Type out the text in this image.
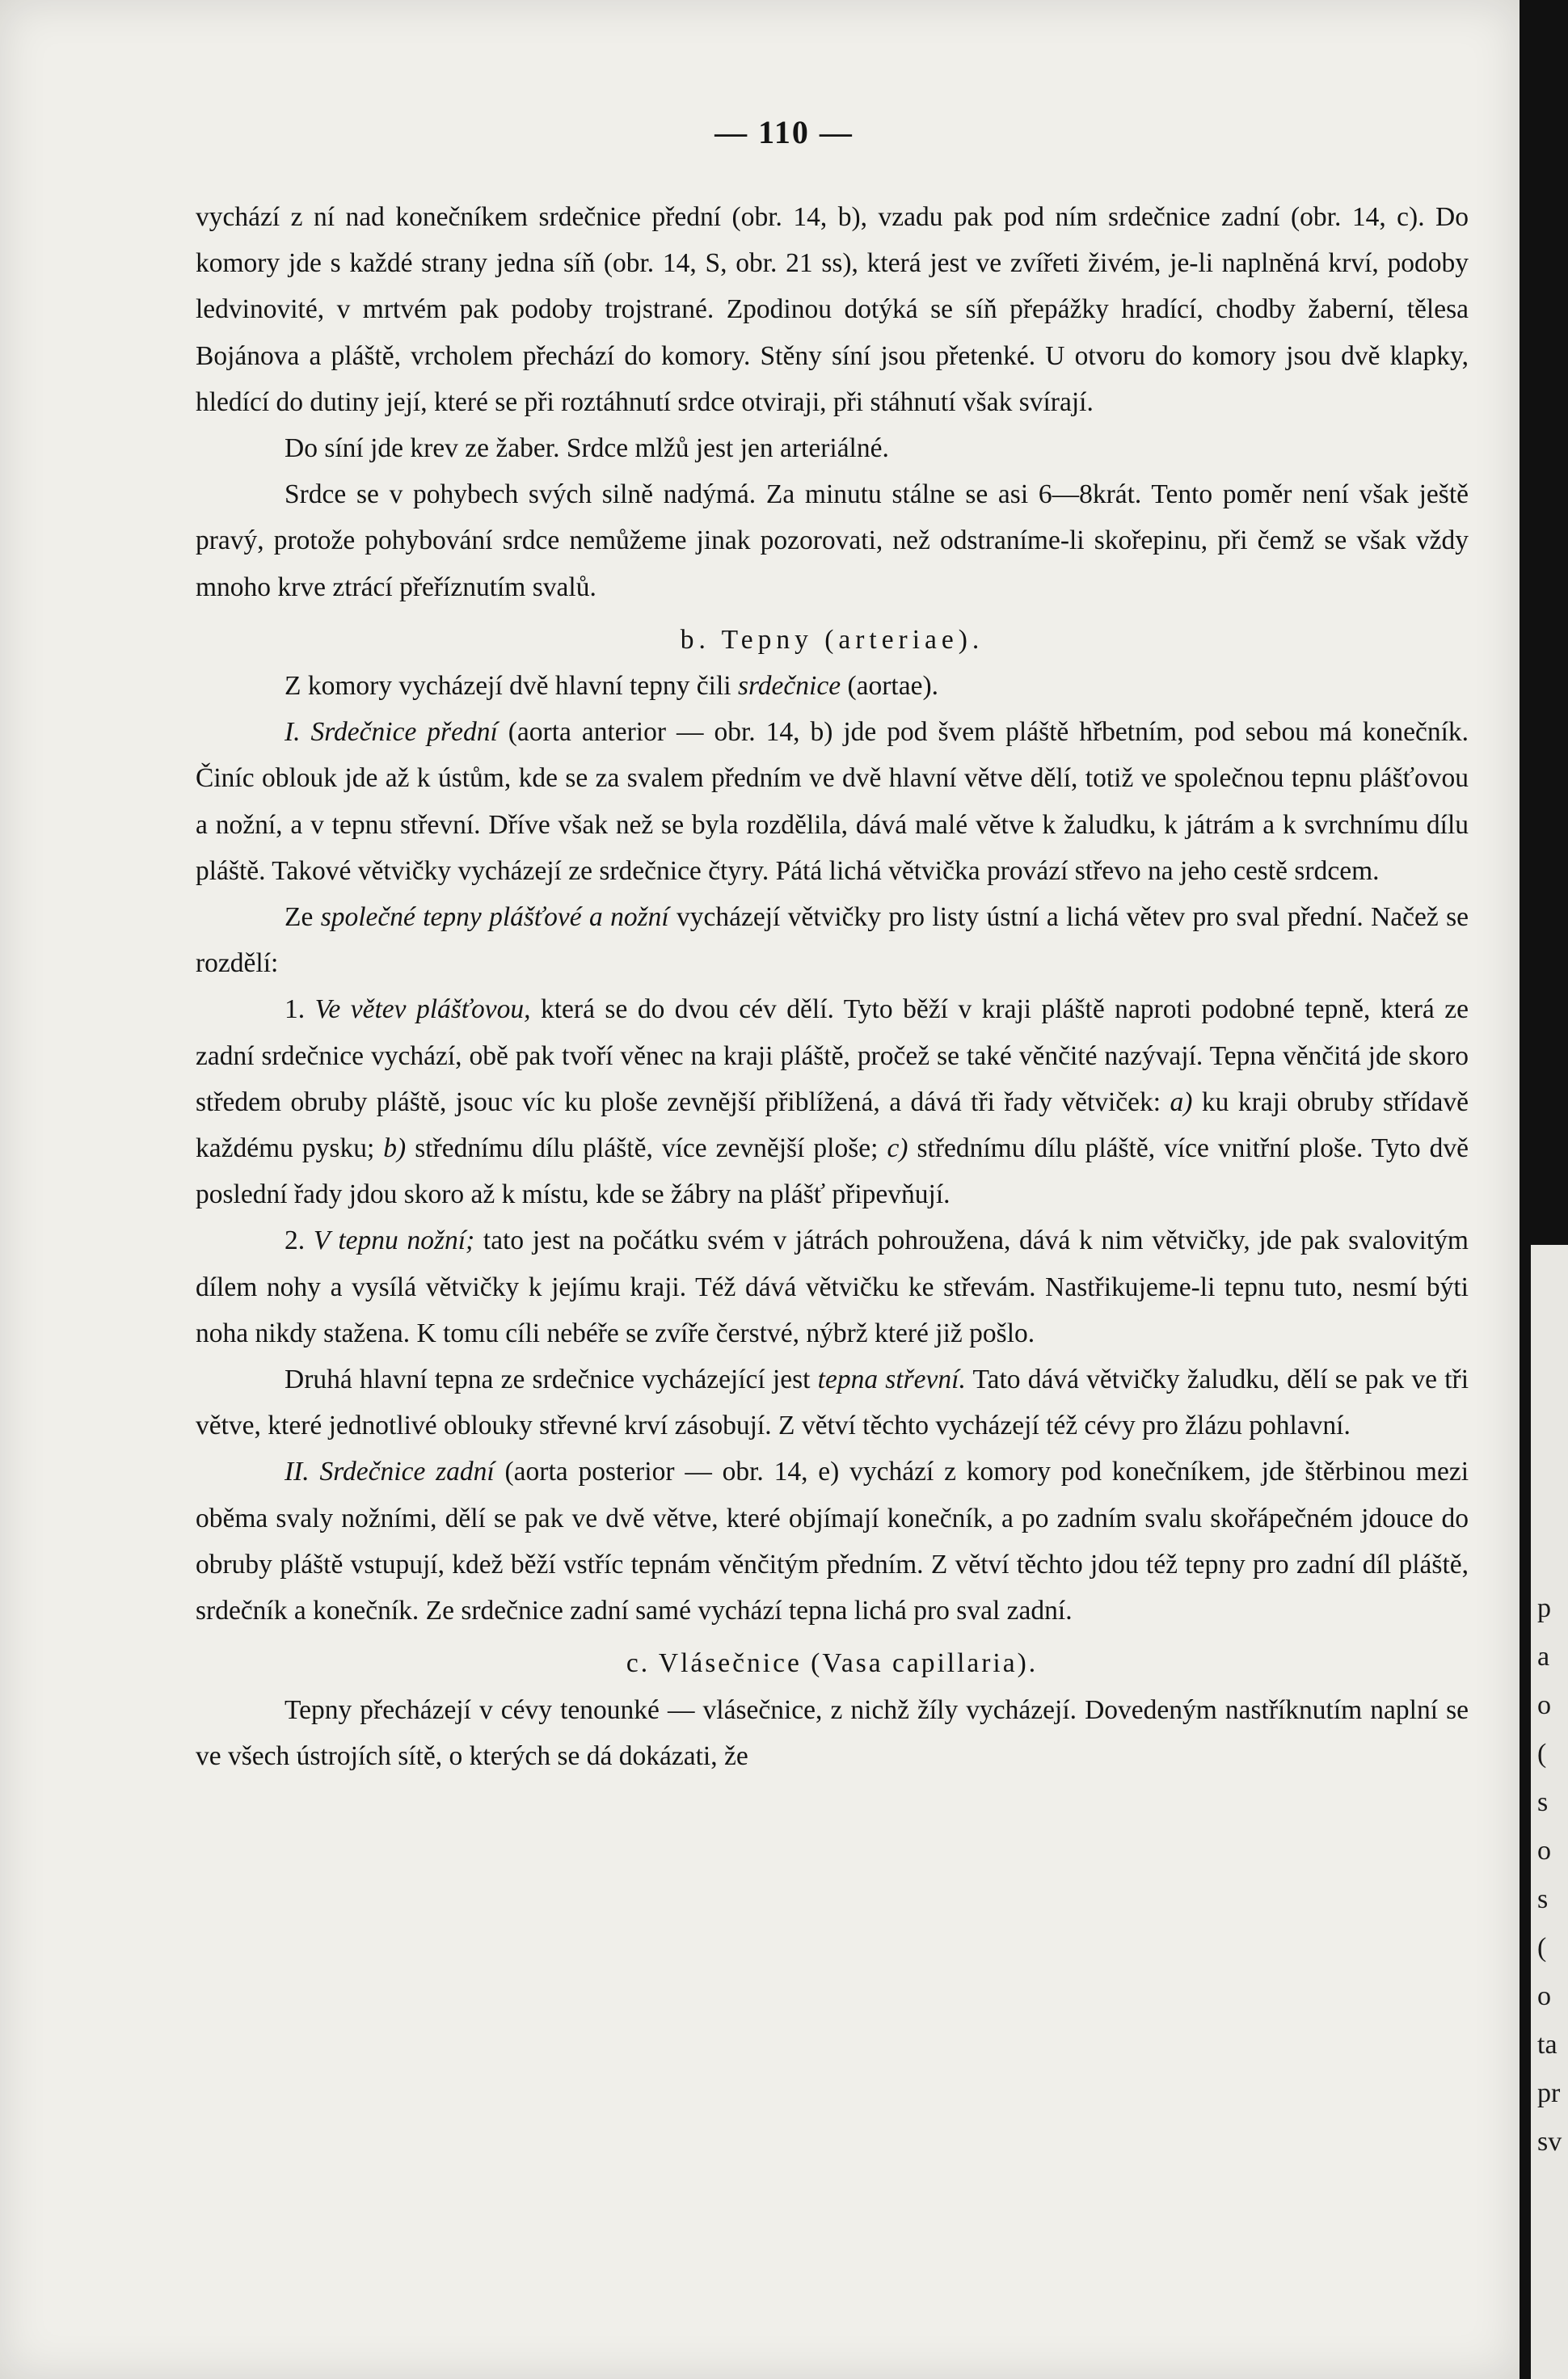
— 110 —

vychází z ní nad konečníkem srdečnice přední (obr. 14, b), vzadu pak pod ním srdečnice zadní (obr. 14, c). Do komory jde s každé strany jedna síň (obr. 14, S, obr. 21 ss), která jest ve zvířeti živém, je-li naplněná krví, podoby ledvinovité, v mrtvém pak podoby trojstrané. Zpodinou dotýká se síň přepážky hradící, chodby žaberní, tělesa Bojánova a pláště, vrcholem přechází do komory. Stěny síní jsou přetenké. U otvoru do komory jsou dvě klapky, hledící do dutiny její, které se při roztáhnutí srdce otviraji, při stáhnutí však svírají.

Do síní jde krev ze žaber. Srdce mlžů jest jen arteriálné.

Srdce se v pohybech svých silně nadýmá. Za minutu stálne se asi 6—8krát. Tento poměr není však ještě pravý, protože pohybování srdce nemůžeme jinak pozorovati, než odstraníme-li skořepinu, při čemž se však vždy mnoho krve ztrácí přeříznutím svalů.

b. Tepny (arteriae).

Z komory vycházejí dvě hlavní tepny čili srdečnice (aortae).

I. Srdečnice přední (aorta anterior — obr. 14, b) jde pod švem pláště hřbetním, pod sebou má konečník. Činíc oblouk jde až k ústům, kde se za svalem předním ve dvě hlavní větve dělí, totiž ve společnou tepnu plášťovou a nožní, a v tepnu střevní. Dříve však než se byla rozdělila, dává malé větve k žaludku, k játrám a k svrchnímu dílu pláště. Takové větvičky vycházejí ze srdečnice čtyry. Pátá lichá větvička provází střevo na jeho cestě srdcem.

Ze společné tepny plášťové a nožní vycházejí větvičky pro listy ústní a lichá větev pro sval přední. Načež se rozdělí:

1. Ve větev plášťovou, která se do dvou cév dělí. Tyto běží v kraji pláště naproti podobné tepně, která ze zadní srdečnice vychází, obě pak tvoří věnec na kraji pláště, pročež se také věnčité nazývají. Tepna věnčitá jde skoro středem obruby pláště, jsouc víc ku ploše zevnější přiblížená, a dává tři řady větviček: a) ku kraji obruby střídavě každému pysku; b) střednímu dílu pláště, více zevnější ploše; c) střednímu dílu pláště, více vnitřní ploše. Tyto dvě poslední řady jdou skoro až k místu, kde se žábry na plášť připevňují.

2. V tepnu nožní; tato jest na počátku svém v játrách pohroužena, dává k nim větvičky, jde pak svalovitým dílem nohy a vysílá větvičky k jejímu kraji. Též dává větvičku ke střevám. Nastřikujeme-li tepnu tuto, nesmí býti noha nikdy stažena. K tomu cíli nebéře se zvíře čerstvé, nýbrž které již pošlo.

Druhá hlavní tepna ze srdečnice vycházející jest tepna střevní. Tato dává větvičky žaludku, dělí se pak ve tři větve, které jednotlivé oblouky střevné krví zásobují. Z větví těchto vycházejí též cévy pro žlázu pohlavní.

II. Srdečnice zadní (aorta posterior — obr. 14, e) vychází z komory pod konečníkem, jde štěrbinou mezi oběma svaly nožními, dělí se pak ve dvě větve, které objímají konečník, a po zadním svalu skořápečném jdouce do obruby pláště vstupují, kdež běží vstříc tepnám věnčitým předním. Z větví těchto jdou též tepny pro zadní díl pláště, srdečník a konečník. Ze srdečnice zadní samé vychází tepna lichá pro sval zadní.

c. Vlásečnice (Vasa capillaria).

Tepny přecházejí v cévy tenounké — vlásečnice, z nichž žíly vycházejí. Dovedeným nastříknutím naplní se ve všech ústrojích sítě, o kterých se dá dokázati, že

p
a
o
(
s
o
s
(
o
ta
pr
sv
